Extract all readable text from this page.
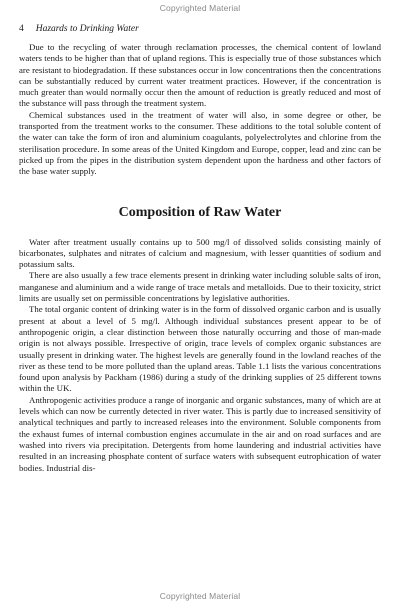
Copyrighted Material
4 Hazards to Drinking Water

Due to the recycling of water through reclamation processes, the chemical content of lowland waters tends to be higher than that of upland regions. This is especially true of those substances which are resistant to biodegradation. If these substances occur in low concentrations then the concentrations can be substantially reduced by current water treatment practices. However, if the concentration is much greater than would normally occur then the amount of reduction is greatly reduced and most of the substance will pass through the treatment system.

Chemical substances used in the treatment of water will also, in some degree or other, be transported from the treatment works to the consumer. These additions to the total soluble content of the water can take the form of iron and aluminium coagulants, polyelectrolytes and chlorine from the sterilisation procedure. In some areas of the United Kingdom and Europe, copper, lead and zinc can be picked up from the pipes in the distribution system dependent upon the hardness and other factors of the base water supply.

Composition of Raw Water

Water after treatment usually contains up to 500 mg/l of dissolved solids consisting mainly of bicarbonates, sulphates and nitrates of calcium and magnesium, with lesser quantities of sodium and potassium salts.

There are also usually a few trace elements present in drinking water including soluble salts of iron, manganese and aluminium and a wide range of trace metals and metalloids. Due to their toxicity, strict limits are usually set on permissible concentrations by legislative authorities.

The total organic content of drinking water is in the form of dissolved organic carbon and is usually present at about a level of 5 mg/l. Although individual substances present appear to be of anthropogenic origin, a clear distinction between those naturally occurring and those of man-made origin is not always possible. Irrespective of origin, trace levels of complex organic substances are usually present in drinking water. The highest levels are generally found in the lowland reaches of the river as these tend to be more polluted than the upland areas. Table 1.1 lists the various concentrations found upon analysis by Packham (1986) during a study of the drinking supplies of 25 different towns within the UK.

Anthropogenic activities produce a range of inorganic and organic substances, many of which are at levels which can now be currently detected in river water. This is partly due to increased sensitivity of analytical techniques and partly to increased releases into the environment. Soluble components from the exhaust fumes of internal combustion engines accumulate in the air and on road surfaces and are washed into rivers via precipitation. Detergents from home laundering and industrial activities have resulted in an increasing phosphate content of surface waters with subsequent eutrophication of water bodies. Industrial dis-

Copyrighted Material
